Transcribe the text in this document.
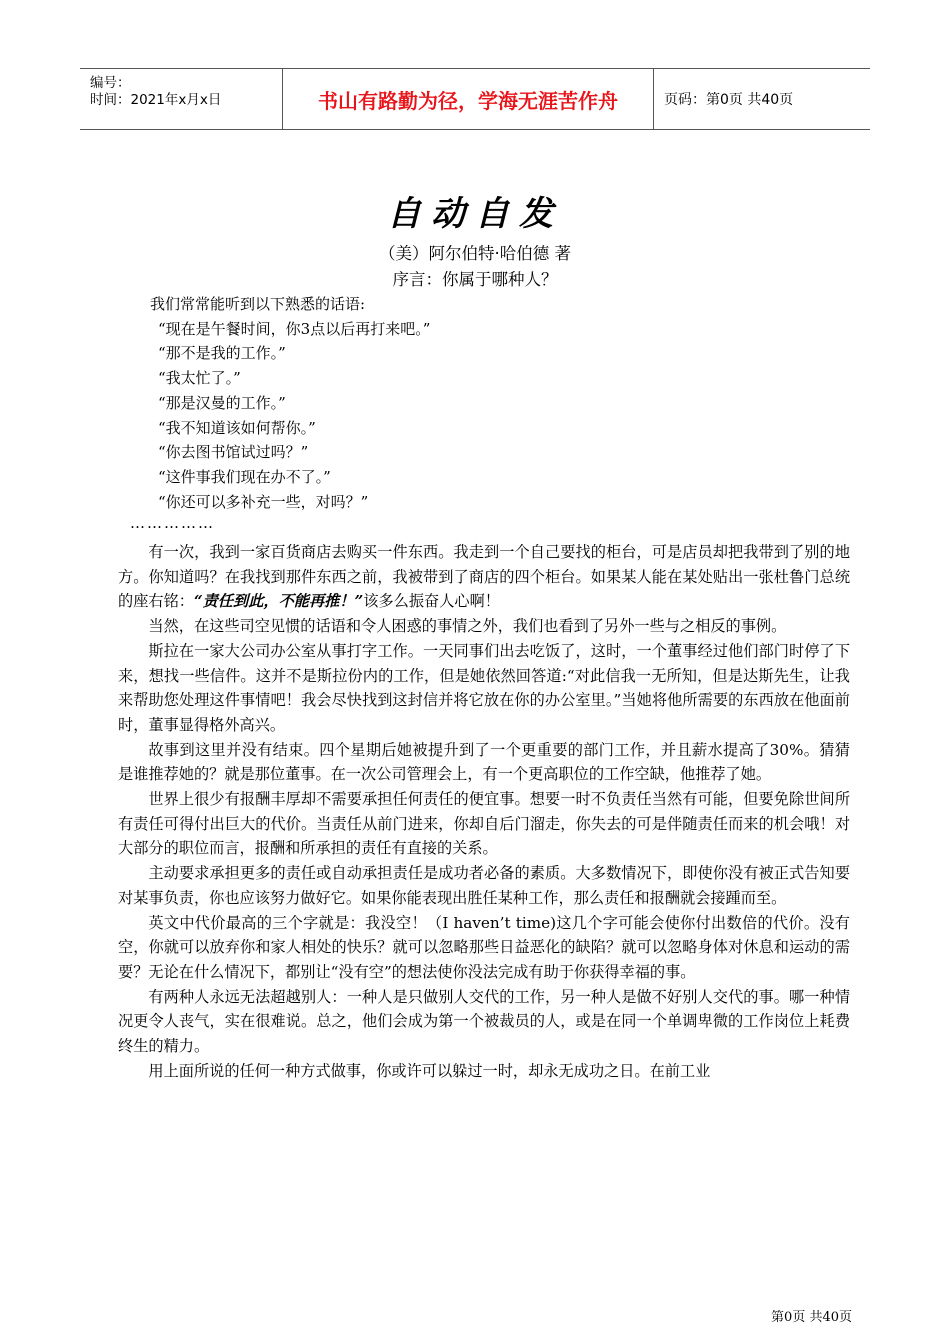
编号：
时间：2021年x月x日	书山有路勤为径，学海无涯苦作舟	页码：第0页 共40页
自动自发
（美）阿尔伯特·哈伯德 著
序言：你属于哪种人？
我们常常能听到以下熟悉的话语:
“现在是午餐时间，你3点以后再打来吧。”
“那不是我的工作。”
“我太忙了。”
“那是汉曼的工作。”
“我不知道该如何帮你。”
“你去图书馆试过吗？”
“这件事我们现在办不了。”
“你还可以多补充一些，对吗？”
……………

有一次，我到一家百货商店去购买一件东西。我走到一个自己要找的柜台，可是店员却把我带到了别的地方。你知道吗？在我找到那件东西之前，我被带到了商店的四个柜台。如果某人能在某处贴出一张杜鲁门总统的座右铭：“责任到此，不能再推！”该多么振奋人心啊！

当然，在这些司空见惯的话语和令人困惑的事情之外，我们也看到了另外一些与之相反的事例。

斯拉在一家大公司办公室从事打字工作。一天同事们出去吃饭了，这时，一个董事经过他们部门时停了下来，想找一些信件。这并不是斯拉份内的工作，但是她依然回答道:“对此信我一无所知，但是达斯先生，让我来帮助您处理这件事情吧！我会尽快找到这封信并将它放在你的办公室里。”当她将他所需要的东西放在他面前时，董事显得格外高兴。

故事到这里并没有结束。四个星期后她被提升到了一个更重要的部门工作，并且薪水提高了30%。猜猜是谁推荐她的？就是那位董事。在一次公司管理会上，有一个更高职位的工作空缺，他推荐了她。

世界上很少有报酬丰厚却不需要承担任何责任的便宜事。想要一时不负责任当然有可能，但要免除世间所有责任可得付出巨大的代价。当责任从前门进来，你却自后门溜走，你失去的可是伴随责任而来的机会哦！对大部分的职位而言，报酬和所承担的责任有直接的关系。

主动要求承担更多的责任或自动承担责任是成功者必备的素质。大多数情况下，即使你没有被正式告知要对某事负责，你也应该努力做好它。如果你能表现出胜任某种工作，那么责任和报酬就会接踵而至。

英文中代价最高的三个字就是：我没空！（I haven’t time)这几个字可能会使你付出数倍的代价。没有空，你就可以放弃你和家人相处的快乐？就可以忽略那些日益恶化的缺陷？就可以忽略身体对休息和运动的需要？无论在什么情况下，都别让“没有空”的想法使你没法完成有助于你获得幸福的事。

有两种人永远无法超越别人：一种人是只做别人交代的工作，另一种人是做不好别人交代的事。哪一种情况更令人丧气，实在很难说。总之，他们会成为第一个被裁员的人，或是在同一个单调卑微的工作岗位上耗费终生的精力。

用上面所说的任何一种方式做事，你或许可以躲过一时，却永无成功之日。在前工业

第0页 共40页
